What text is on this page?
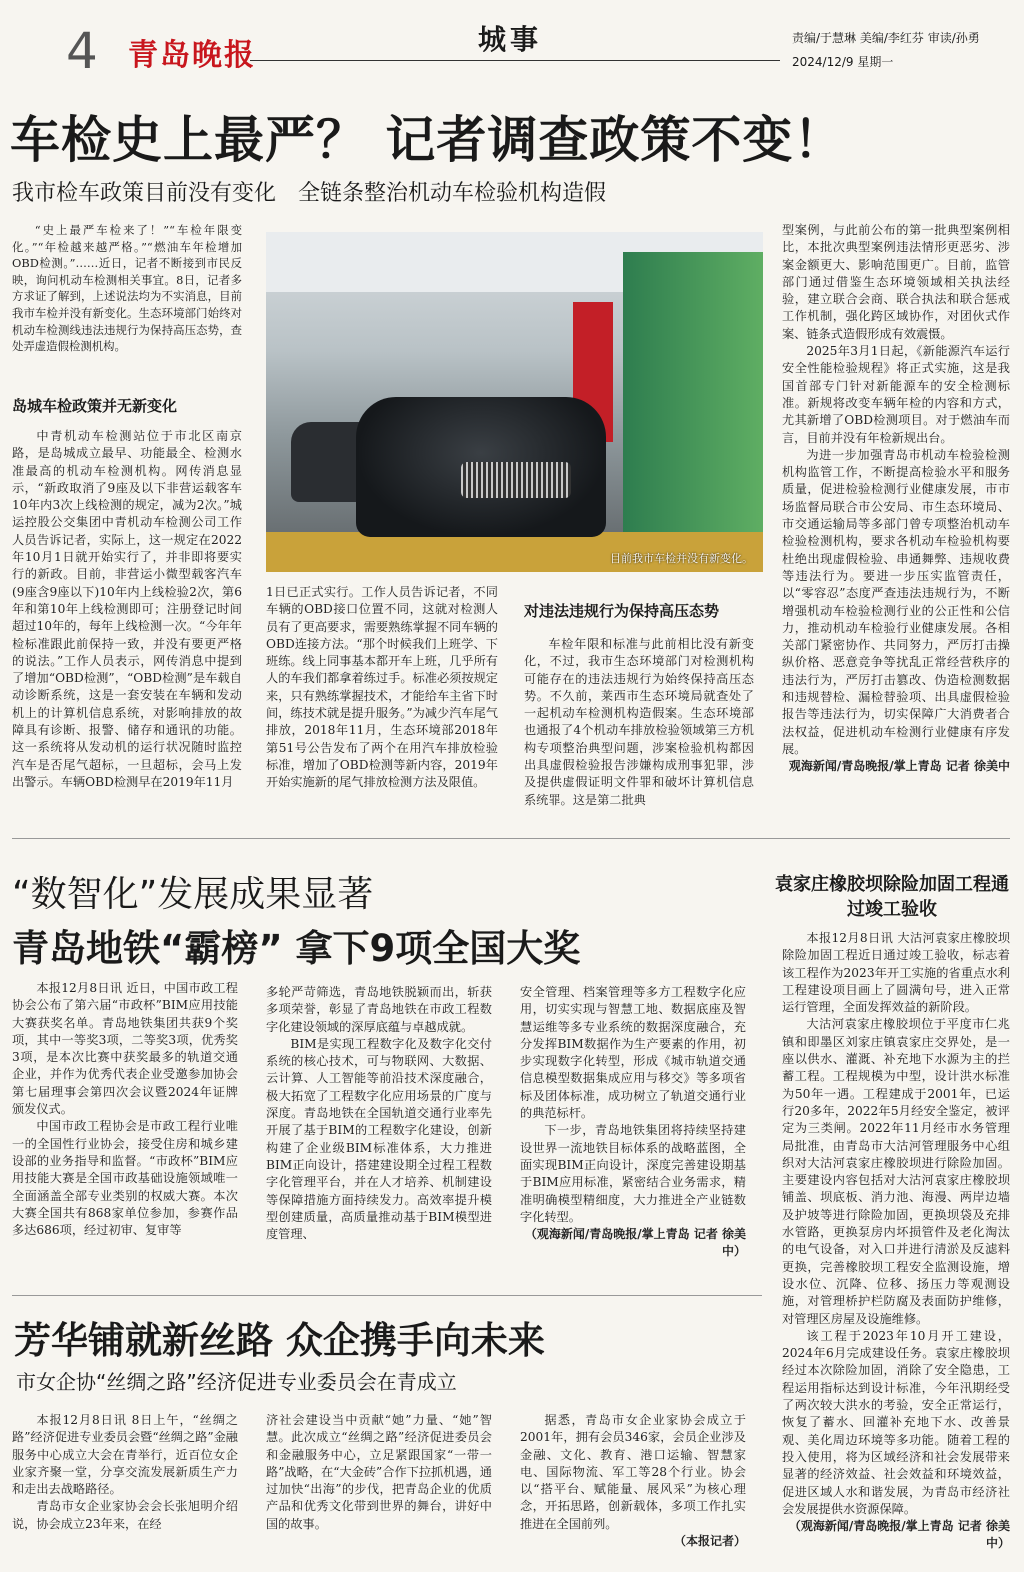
4 青岛晚报	城事	责编/于慧琳 美编/李红芬 审读/孙勇
2024/12/9 星期一
车检史上最严？ 记者调查政策不变！
我市检车政策目前没有变化　全链条整治机动车检验机构造假

“史上最严车检来了！”“车检年限变化。”“年检越来越严格。”“燃油车年检增加OBD检测。”……近日，记者不断接到市民反映，询问机动车检测相关事宜。8日，记者多方求证了解到，上述说法均为不实消息，目前我市车检并没有新变化。生态环境部门始终对机动车检测线违法违规行为保持高压态势，查处弄虚造假检测机构。

岛城车检政策并无新变化

中青机动车检测站位于市北区南京路，是岛城成立最早、功能最全、检测水准最高的机动车检测机构。网传消息显示，“新政取消了9座及以下非营运载客车10年内3次上线检测的规定，减为2次。”城运控股公交集团中青机动车检测公司工作人员告诉记者，实际上，这一规定在2022年10月1日就开始实行了，并非即将要实行的新政。目前，非营运小微型载客汽车(9座含9座以下)10年内上线检验2次，第6年和第10年上线检测即可；注册登记时间超过10年的，每年上线检测一次。“今年年检标准跟此前保持一致，并没有要更严格的说法。”工作人员表示，网传消息中提到了增加“OBD检测”，“OBD检测”是车载自动诊断系统，这是一套安装在车辆和发动机上的计算机信息系统，对影响排放的故障具有诊断、报警、储存和通讯的功能。这一系统将从发动机的运行状况随时监控汽车是否尾气超标，一旦超标，会马上发出警示。车辆OBD检测早在2019年11月

目前我市车检并没有新变化。

1日已正式实行。工作人员告诉记者，不同车辆的OBD接口位置不同，这就对检测人员有了更高要求，需要熟练掌握不同车辆的OBD连接方法。“那个时候我们上班学、下班练。线上同事基本都开车上班，几乎所有人的车我们都拿着练过手。标准必须按规定来，只有熟练掌握技术，才能给车主省下时间，练技术就是提升服务。”为减少汽车尾气排放，2018年11月，生态环境部2018年第51号公告发布了两个在用汽车排放检验标准，增加了OBD检测等新内容，2019年开始实施新的尾气排放检测方法及限值。

对违法违规行为保持高压态势

车检年限和标准与此前相比没有新变化，不过，我市生态环境部门对检测机构可能存在的违法违规行为始终保持高压态势。不久前，莱西市生态环境局就查处了一起机动车检测机构造假案。生态环境部也通报了4个机动车排放检验领域第三方机构专项整治典型问题，涉案检验机构都因出具虚假检验报告涉嫌构成刑事犯罪，涉及提供虚假证明文件罪和破坏计算机信息系统罪。这是第二批典

型案例，与此前公布的第一批典型案例相比，本批次典型案例违法情形更恶劣、涉案金额更大、影响范围更广。目前，监管部门通过借鉴生态环境领域相关执法经验，建立联合会商、联合执法和联合惩戒工作机制，强化跨区域协作，对团伙式作案、链条式造假形成有效震慑。

2025年3月1日起，《新能源汽车运行安全性能检验规程》将正式实施，这是我国首部专门针对新能源车的安全检测标准。新规将改变车辆年检的内容和方式，尤其新增了OBD检测项目。对于燃油车而言，目前并没有年检新规出台。

为进一步加强青岛市机动车检验检测机构监管工作，不断提高检验水平和服务质量，促进检验检测行业健康发展，市市场监督局联合市公安局、市生态环境局、市交通运输局等多部门曾专项整治机动车检验检测机构，要求各机动车检验机构要杜绝出现虚假检验、串通舞弊、违规收费等违法行为。要进一步压实监管责任，以“零容忍”态度严查违法违规行为，不断增强机动车检验检测行业的公正性和公信力，推动机动车检验行业健康发展。各相关部门紧密协作、共同努力，严厉打击操纵价格、恶意竞争等扰乱正常经营秩序的违法行为，严厉打击篡改、伪造检测数据和违规替检、漏检替验项、出具虚假检验报告等违法行为，切实保障广大消费者合法权益，促进机动车检测行业健康有序发展。

观海新闻/青岛晚报/掌上青岛 记者 徐美中
“数智化”发展成果显著
青岛地铁“霸榜” 拿下9项全国大奖

本报12月8日讯 近日，中国市政工程协会公布了第六届“市政杯”BIM应用技能大赛获奖名单。青岛地铁集团共获9个奖项，其中一等奖3项，二等奖3项，优秀奖3项，是本次比赛中获奖最多的轨道交通企业，并作为优秀代表企业受邀参加协会第七届理事会第四次会议暨2024年证牌颁发仪式。

中国市政工程协会是市政工程行业唯一的全国性行业协会，接受住房和城乡建设部的业务指导和监督。“市政杯”BIM应用技能大赛是全国市政基础设施领域唯一全面涵盖全部专业类别的权威大赛。本次大赛全国共有868家单位参加，参赛作品多达686项，经过初审、复审等

多轮严苛筛选，青岛地铁脱颖而出，斩获多项荣誉，彰显了青岛地铁在市政工程数字化建设领域的深厚底蕴与卓越成就。

BIM是实现工程数字化及数字化交付系统的核心技术，可与物联网、大数据、云计算、人工智能等前沿技术深度融合，极大拓宽了工程数字化应用场景的广度与深度。青岛地铁在全国轨道交通行业率先开展了基于BIM的工程数字化建设，创新构建了企业级BIM标准体系，大力推进BIM正向设计，搭建建设期全过程工程数字化管理平台，并在人才培养、机制建设等保障措施方面持续发力。高效率提升模型创建质量，高质量推动基于BIM模型进度管理、

安全管理、档案管理等多方工程数字化应用，切实实现与智慧工地、数据底座及智慧运维等多专业系统的数据深度融合，充分发挥BIM数据作为生产要素的作用，初步实现数字化转型，形成《城市轨道交通信息模型数据集成应用与移交》等多项省标及团体标准，成功树立了轨道交通行业的典范标杆。

下一步，青岛地铁集团将持续坚持建设世界一流地铁目标体系的战略蓝图，全面实现BIM正向设计，深度完善建设期基于BIM应用标准，紧密结合业务需求，精准明确模型精细度，大力推进全产业链数字化转型。

（观海新闻/青岛晚报/掌上青岛 记者 徐美中）
袁家庄橡胶坝除险加固工程通过竣工验收

本报12月8日讯 大沽河袁家庄橡胶坝除险加固工程近日通过竣工验收，标志着该工程作为2023年开工实施的省重点水利工程建设项目画上了圆满句号，进入正常运行管理，全面发挥效益的新阶段。

大沽河袁家庄橡胶坝位于平度市仁兆镇和即墨区刘家庄镇袁家庄交界处，是一座以供水、灌溉、补充地下水源为主的拦蓄工程。工程规模为中型，设计洪水标准为50年一遇。工程建成于2001年，已运行20多年，2022年5月经安全鉴定，被评定为三类闸。2022年11月经市水务管理局批准，由青岛市大沽河管理服务中心组织对大沽河袁家庄橡胶坝进行除险加固。主要建设内容包括对大沽河袁家庄橡胶坝铺盖、坝底板、消力池、海漫、两岸边墙及护坡等进行除险加固，更换坝袋及充排水管路，更换泵房内坏损管件及老化淘汰的电气设备，对入口并进行清淤及反滤料更换，完善橡胶坝工程安全监测设施，增设水位、沉降、位移、扬压力等观测设施，对管理桥护栏防腐及表面防护维修，对管理区房屋及设施维修。

该工程于2023年10月开工建设，2024年6月完成建设任务。袁家庄橡胶坝经过本次除险加固，消除了安全隐患，工程运用指标达到设计标准，今年汛期经受了两次较大洪水的考验，安全正常运行，恢复了蓄水、回灌补充地下水、改善景观、美化周边环境等多功能。随着工程的投入使用，将为区域经济和社会发展带来显著的经济效益、社会效益和环境效益，促进区域人水和谐发展，为青岛市经济社会发展提供水资源保障。

（观海新闻/青岛晚报/掌上青岛 记者 徐美中）
芳华铺就新丝路 众企携手向未来
市女企协“丝绸之路”经济促进专业委员会在青成立

本报12月8日讯 8日上午，“丝绸之路”经济促进专业委员会暨“丝绸之路”金融服务中心成立大会在青举行，近百位女企业家齐聚一堂，分享交流发展新质生产力和走出去战略路径。

青岛市女企业家协会会长张旭明介绍说，协会成立23年来，在经

济社会建设当中贡献“她”力量、“她”智慧。此次成立“丝绸之路”经济促进委员会和金融服务中心，立足紧跟国家“一带一路”战略，在“大金砖”合作下拉抓机遇，通过加快“出海”的步伐，把青岛企业的优质产品和优秀文化带到世界的舞台，讲好中国的故事。

据悉，青岛市女企业家协会成立于2001年，拥有会员346家，会员企业涉及金融、文化、教育、港口运输、智慧家电、国际物流、军工等28个行业。协会以“搭平台、赋能量、展风采”为核心理念，开拓思路，创新载体，多项工作扎实推进在全国前列。

（本报记者）
